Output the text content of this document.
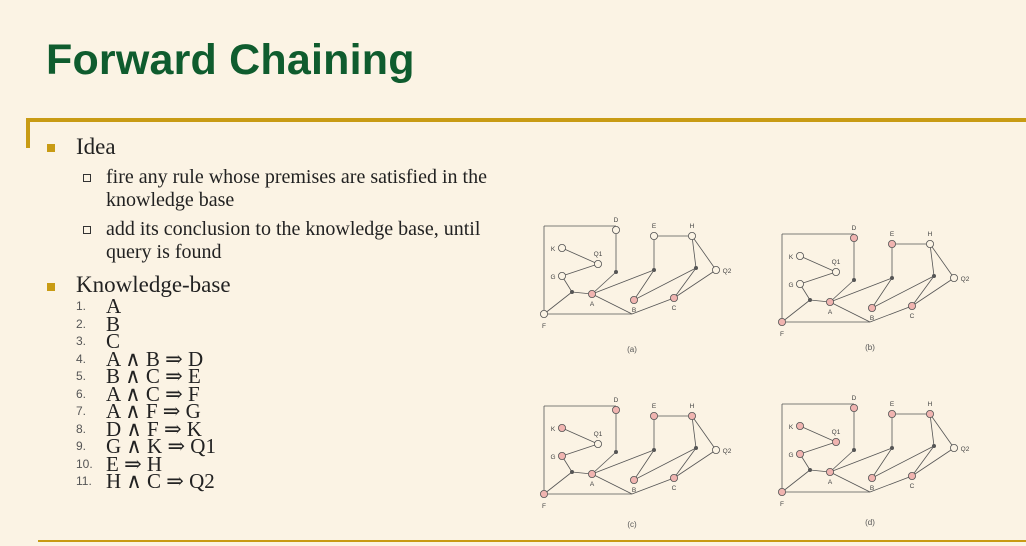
Forward Chaining
Idea
fire any rule whose premises are satisfied in the knowledge base
add its conclusion to the knowledge base, until query is found
Knowledge-base
1. A
2. B
3. C
4. A ∧ B ⇒ D
5. B ∧ C ⇒ E
6. A ∧ C ⇒ F
7. A ∧ F ⇒ G
8. D ∧ F ⇒ K
9. G ∧ K ⇒ Q1
10. E ⇒ H
11. H ∧ C ⇒ Q2
A
B	C
D
E
F
G
K
H
Q1
Q2
(a)
A
B	C
D
E
F
G
K
H
Q1
Q2
(b)
A
B	C
D
E
F
G
K
H
Q1
Q2
(c)
A
B	C
D
E
F
G
K
H
Q1
Q2
(d)
